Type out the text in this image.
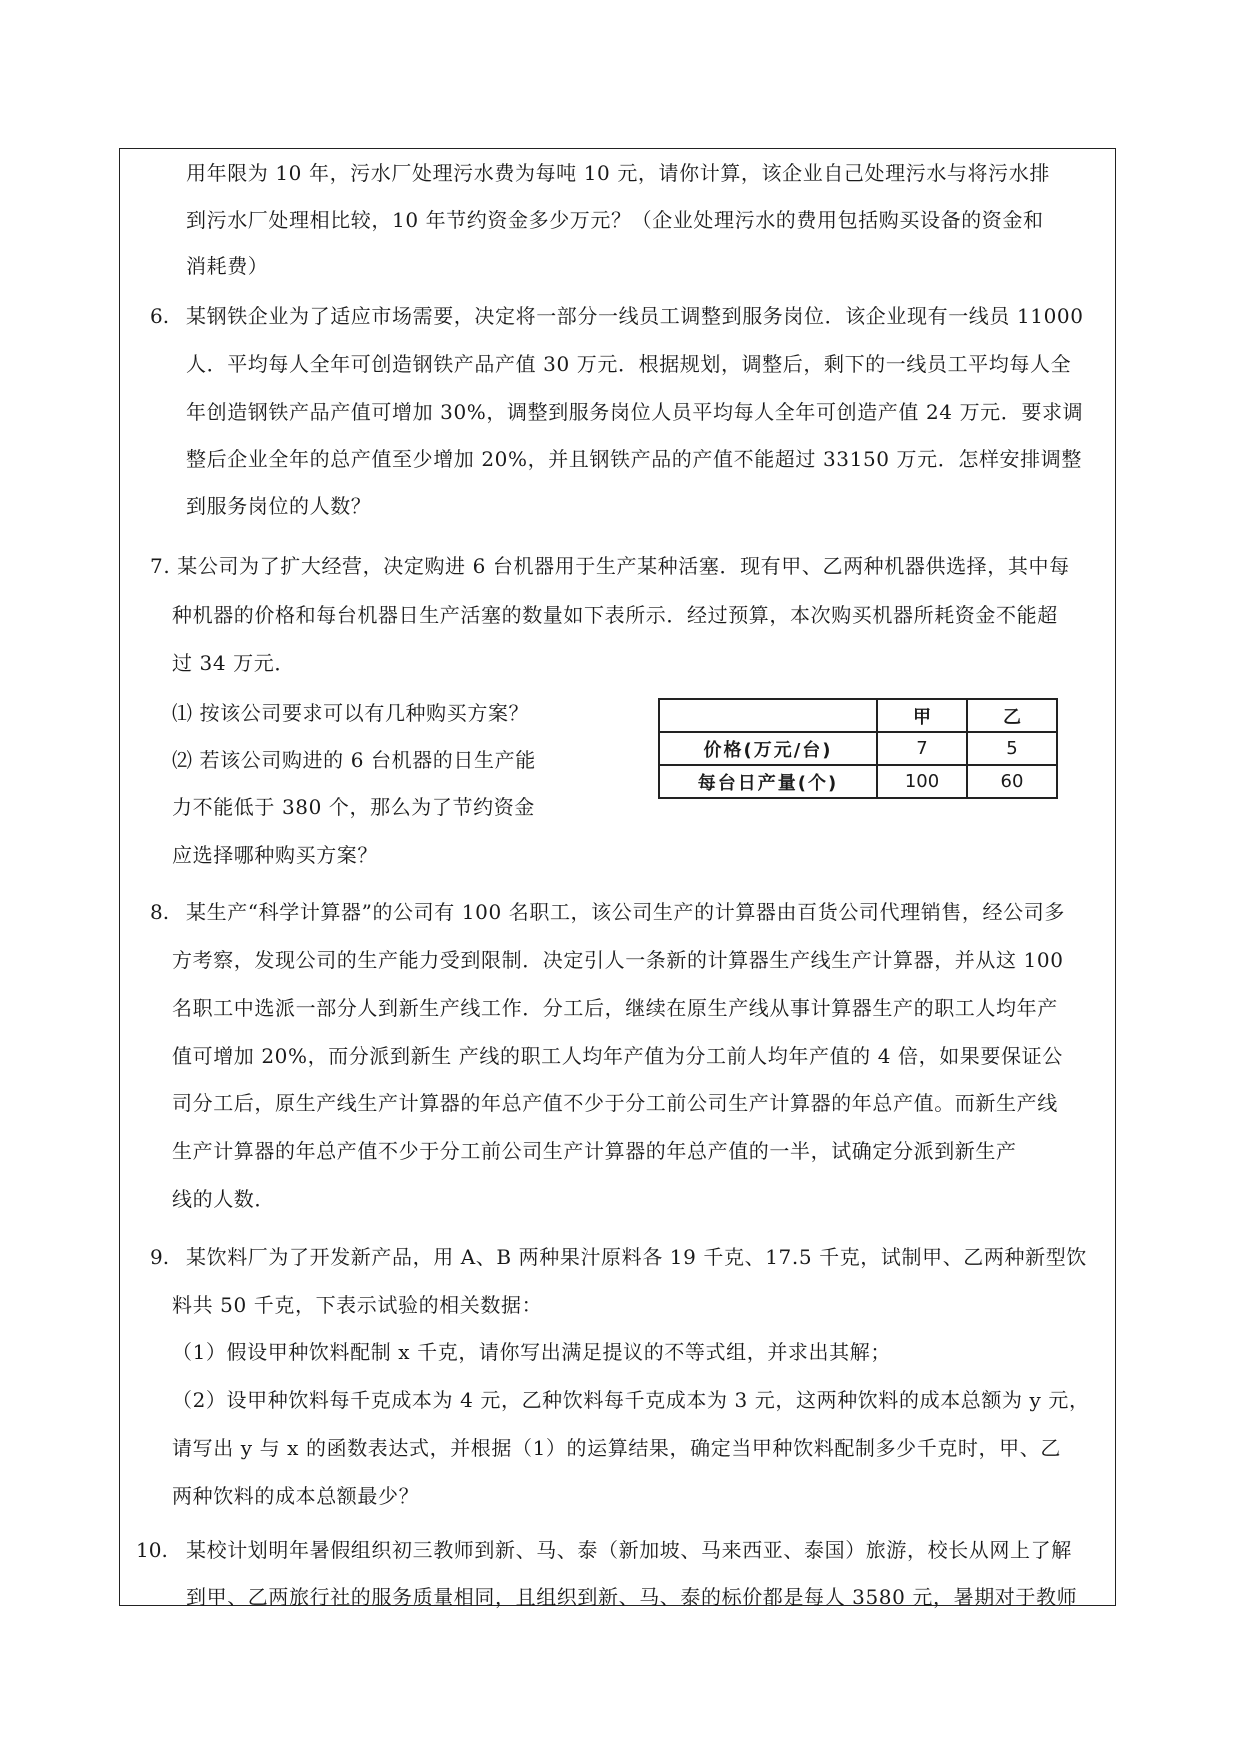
用年限为 10 年，污水厂处理污水费为每吨 10 元，请你计算，该企业自己处理污水与将污水排
到污水厂处理相比较，10 年节约资金多少万元？（企业处理污水的费用包括购买设备的资金和
消耗费）
6. 某钢铁企业为了适应市场需要，决定将一部分一线员工调整到服务岗位．该企业现有一线员 11000
人．平均每人全年可创造钢铁产品产值 30 万元．根据规划，调整后，剩下的一线员工平均每人全
年创造钢铁产品产值可增加 30%，调整到服务岗位人员平均每人全年可创造产值 24 万元．要求调
整后企业全年的总产值至少增加 20%，并且钢铁产品的产值不能超过 33150 万元．怎样安排调整
到服务岗位的人数？
7. 某公司为了扩大经营，决定购进 6 台机器用于生产某种活塞．现有甲、乙两种机器供选择，其中每
种机器的价格和每台机器日生产活塞的数量如下表所示．经过预算，本次购买机器所耗资金不能超
过 34 万元．
⑴ 按该公司要求可以有几种购买方案？
⑵ 若该公司购进的 6 台机器的日生产能
力不能低于 380 个，那么为了节约资金
应选择哪种购买方案？
	甲	乙
价格(万元/台)	7	5
每台日产量(个)	100	60
8. 某生产“科学计算器”的公司有 100 名职工，该公司生产的计算器由百货公司代理销售，经公司多
方考察，发现公司的生产能力受到限制．决定引人一条新的计算器生产线生产计算器，并从这 100
名职工中选派一部分人到新生产线工作．分工后，继续在原生产线从事计算器生产的职工人均年产
值可增加 20%，而分派到新生 产线的职工人均年产值为分工前人均年产值的 4 倍，如果要保证公
司分工后，原生产线生产计算器的年总产值不少于分工前公司生产计算器的年总产值。而新生产线
生产计算器的年总产值不少于分工前公司生产计算器的年总产值的一半，试确定分派到新生产
线的人数．
9. 某饮料厂为了开发新产品，用 A、B 两种果汁原料各 19 千克、17.5 千克，试制甲、乙两种新型饮
料共 50 千克，下表示试验的相关数据：
（1）假设甲种饮料配制 x 千克，请你写出满足提议的不等式组，并求出其解；
（2）设甲种饮料每千克成本为 4 元，乙种饮料每千克成本为 3 元，这两种饮料的成本总额为 y 元，
请写出 y 与 x 的函数表达式，并根据（1）的运算结果，确定当甲种饮料配制多少千克时，甲、乙
两种饮料的成本总额最少？
10. 某校计划明年暑假组织初三教师到新、马、泰（新加坡、马来西亚、泰国）旅游，校长从网上了解
到甲、乙两旅行社的服务质量相同，且组织到新、马、泰的标价都是每人 3580 元，暑期对于教师
